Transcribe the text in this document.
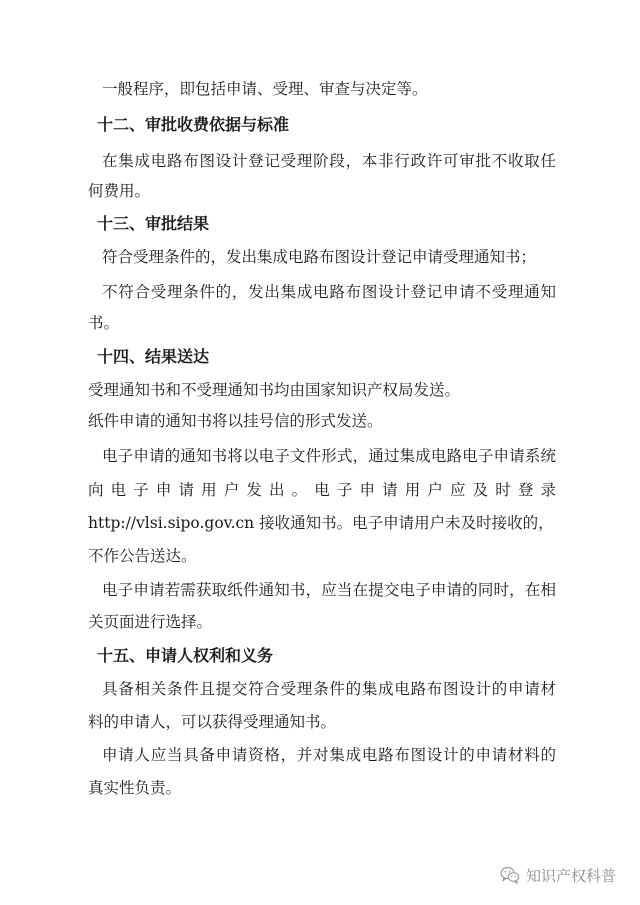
一般程序，即包括申请、受理、审查与决定等。
十二、审批收费依据与标准
在集成电路布图设计登记受理阶段，本非行政许可审批不收取任
何费用。
十三、审批结果
符合受理条件的，发出集成电路布图设计登记申请受理通知书；
不符合受理条件的，发出集成电路布图设计登记申请不受理通知
书。
十四、结果送达
受理通知书和不受理通知书均由国家知识产权局发送。
纸件申请的通知书将以挂号信的形式发送。
电子申请的通知书将以电子文件形式，通过集成电路电子申请系统
向 电 子 申 请 用 户 发 出 。 电 子 申 请 用 户 应 及 时 登 录
http://vlsi.sipo.gov.cn 接收通知书。电子申请用户未及时接收的，
不作公告送达。
电子申请若需获取纸件通知书，应当在提交电子申请的同时，在相
关页面进行选择。
十五、申请人权利和义务
具备相关条件且提交符合受理条件的集成电路布图设计的申请材
料的申请人，可以获得受理通知书。
申请人应当具备申请资格，并对集成电路布图设计的申请材料的
真实性负责。
知识产权科普
